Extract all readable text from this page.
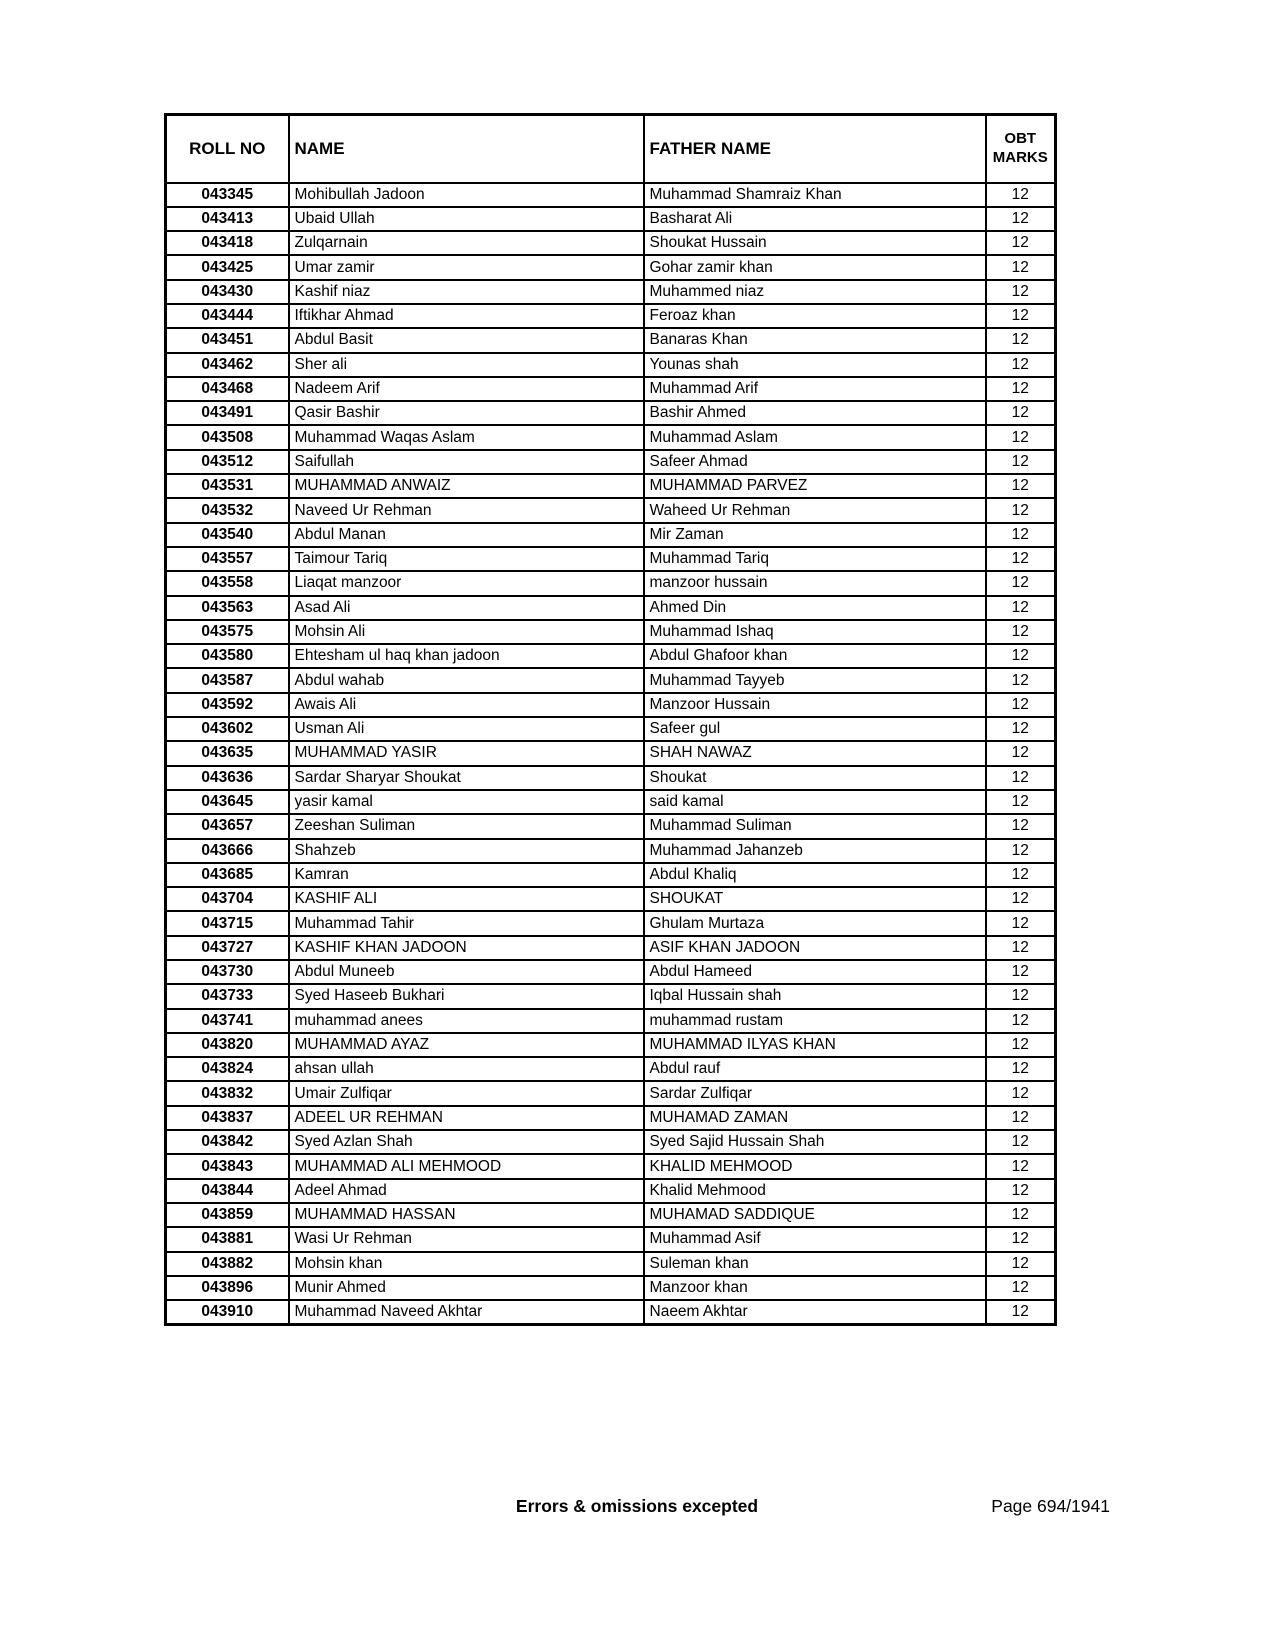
ROLL NO	NAME	FATHER NAME	OBT MARKS
043345	Mohibullah Jadoon	Muhammad Shamraiz Khan	12
043413	Ubaid Ullah	Basharat Ali	12
043418	Zulqarnain	Shoukat Hussain	12
043425	Umar zamir	Gohar zamir khan	12
043430	Kashif niaz	Muhammed niaz	12
043444	Iftikhar Ahmad	Feroaz khan	12
043451	Abdul Basit	Banaras Khan	12
043462	Sher ali	Younas shah	12
043468	Nadeem Arif	Muhammad Arif	12
043491	Qasir Bashir	Bashir Ahmed	12
043508	Muhammad Waqas Aslam	Muhammad Aslam	12
043512	Saifullah	Safeer Ahmad	12
043531	MUHAMMAD ANWAIZ	MUHAMMAD PARVEZ	12
043532	Naveed Ur Rehman	Waheed Ur Rehman	12
043540	Abdul Manan	Mir Zaman	12
043557	Taimour Tariq	Muhammad Tariq	12
043558	Liaqat manzoor	manzoor hussain	12
043563	Asad Ali	Ahmed Din	12
043575	Mohsin Ali	Muhammad Ishaq	12
043580	Ehtesham ul haq khan jadoon	Abdul Ghafoor khan	12
043587	Abdul wahab	Muhammad Tayyeb	12
043592	Awais Ali	Manzoor Hussain	12
043602	Usman Ali	Safeer gul	12
043635	MUHAMMAD YASIR	SHAH NAWAZ	12
043636	Sardar Sharyar Shoukat	Shoukat	12
043645	yasir kamal	said kamal	12
043657	Zeeshan Suliman	Muhammad Suliman	12
043666	Shahzeb	Muhammad Jahanzeb	12
043685	Kamran	Abdul Khaliq	12
043704	KASHIF ALI	SHOUKAT	12
043715	Muhammad Tahir	Ghulam Murtaza	12
043727	KASHIF KHAN JADOON	ASIF KHAN JADOON	12
043730	Abdul Muneeb	Abdul Hameed	12
043733	Syed Haseeb Bukhari	Iqbal Hussain shah	12
043741	muhammad anees	muhammad rustam	12
043820	MUHAMMAD AYAZ	MUHAMMAD ILYAS KHAN	12
043824	ahsan ullah	Abdul rauf	12
043832	Umair Zulfiqar	Sardar Zulfiqar	12
043837	ADEEL UR REHMAN	MUHAMAD ZAMAN	12
043842	Syed Azlan Shah	Syed Sajid Hussain Shah	12
043843	MUHAMMAD ALI MEHMOOD	KHALID MEHMOOD	12
043844	Adeel Ahmad	Khalid Mehmood	12
043859	MUHAMMAD HASSAN	MUHAMAD SADDIQUE	12
043881	Wasi Ur Rehman	Muhammad Asif	12
043882	Mohsin khan	Suleman khan	12
043896	Munir Ahmed	Manzoor khan	12
043910	Muhammad Naveed Akhtar	Naeem Akhtar	12
Errors & omissions excepted	Page 694/1941
